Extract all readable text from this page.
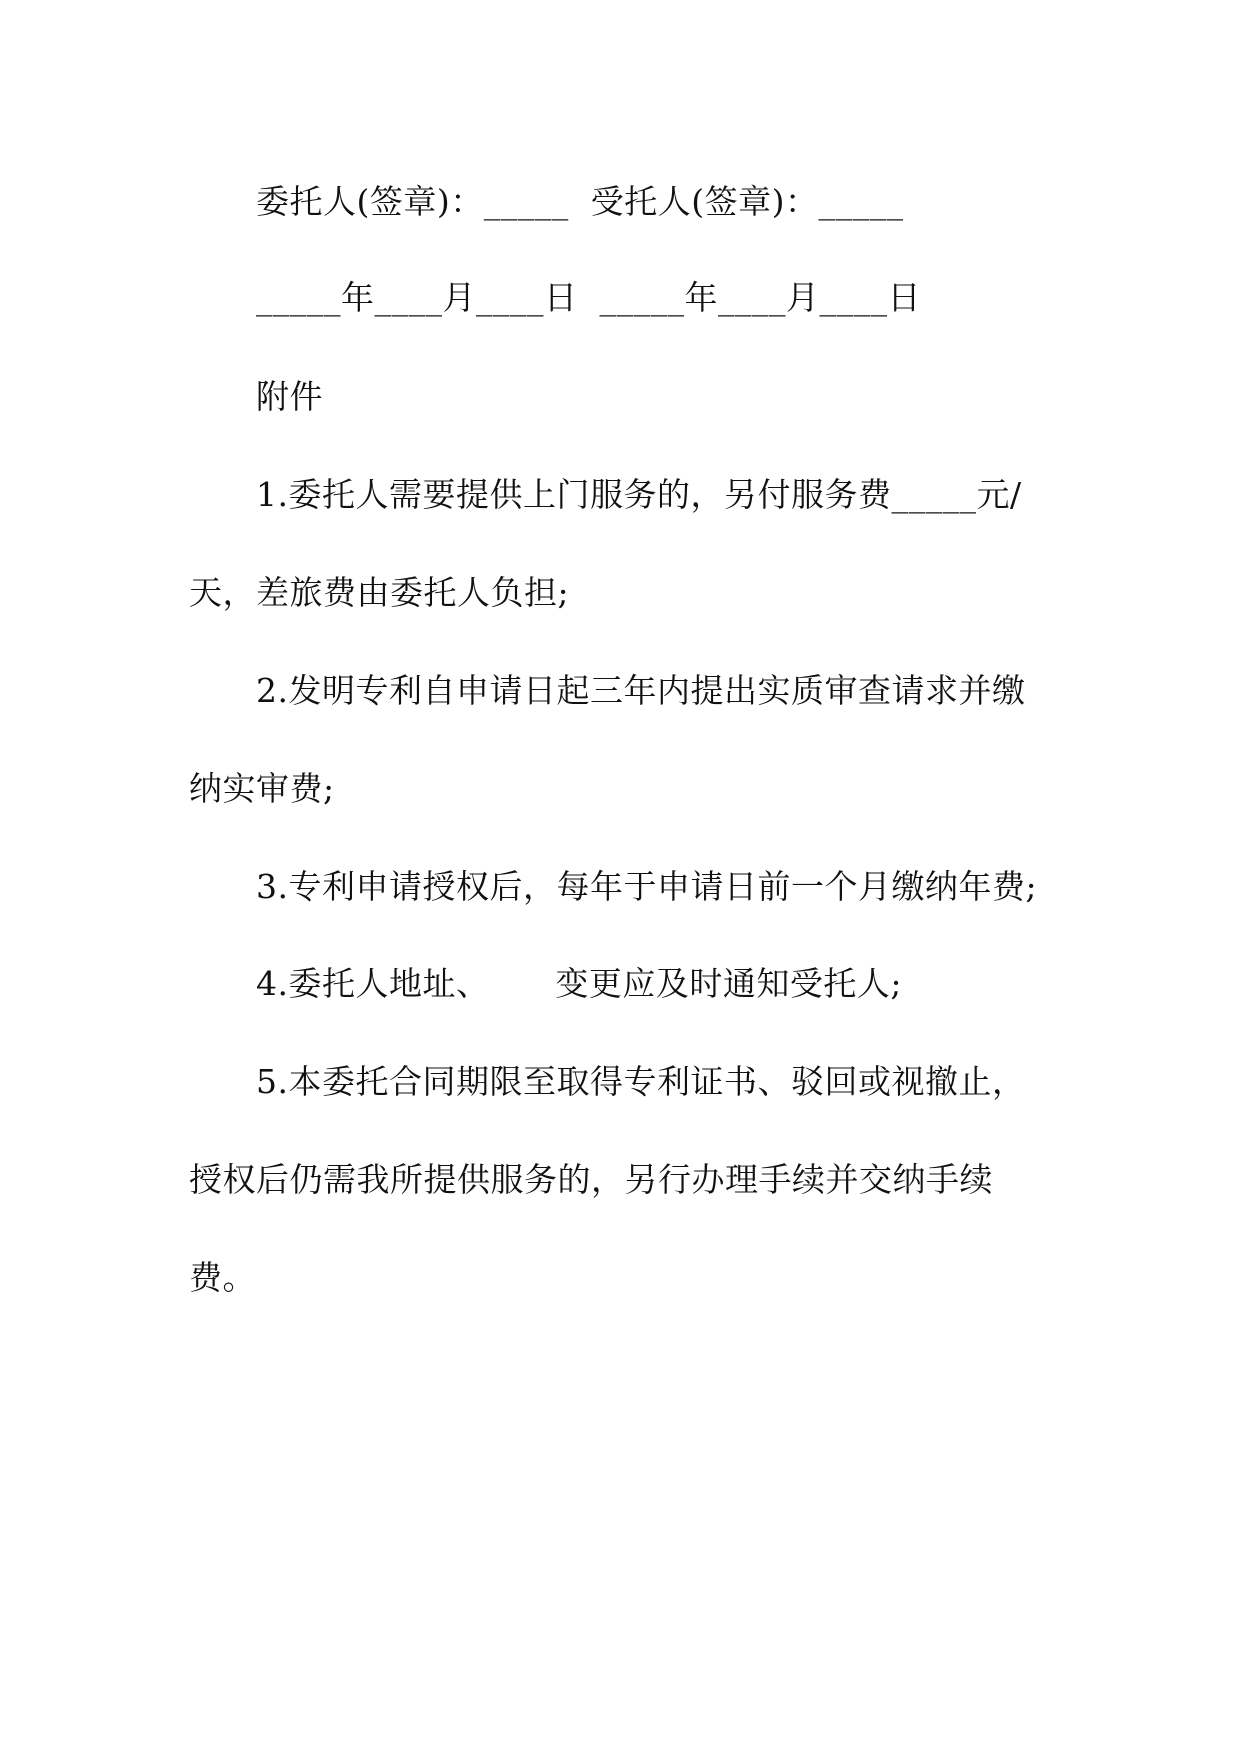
委托人(签章)：_____  受托人(签章)：_____
_____年____月____日  _____年____月____日
附件
1.委托人需要提供上门服务的，另付服务费_____元/
天，差旅费由委托人负担;
2.发明专利自申请日起三年内提出实质审查请求并缴
纳实审费;
3.专利申请授权后，每年于申请日前一个月缴纳年费;
4.委托人地址、      变更应及时通知受托人;
5.本委托合同期限至取得专利证书、驳回或视撤止，
授权后仍需我所提供服务的，另行办理手续并交纳手续
费。
